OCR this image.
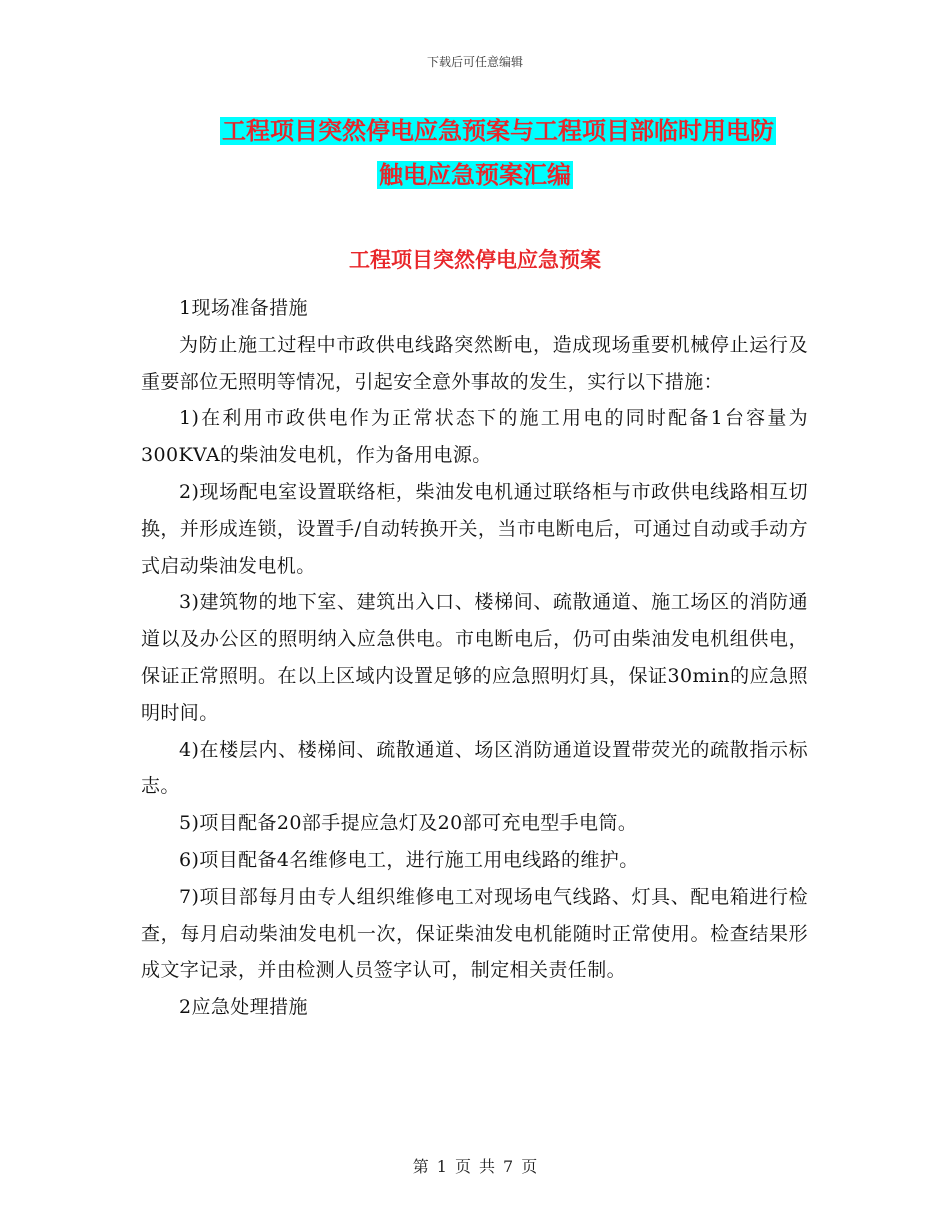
下载后可任意编辑
工程项目突然停电应急预案与工程项目部临时用电防
触电应急预案汇编
工程项目突然停电应急预案

1现场准备措施

为防止施工过程中市政供电线路突然断电，造成现场重要机械停止运行及重要部位无照明等情况，引起安全意外事故的发生，实行以下措施：

1)在利用市政供电作为正常状态下的施工用电的同时配备1台容量为300KVA的柴油发电机，作为备用电源。

2)现场配电室设置联络柜，柴油发电机通过联络柜与市政供电线路相互切换，并形成连锁，设置手/自动转换开关，当市电断电后，可通过自动或手动方式启动柴油发电机。

3)建筑物的地下室、建筑出入口、楼梯间、疏散通道、施工场区的消防通道以及办公区的照明纳入应急供电。市电断电后，仍可由柴油发电机组供电，保证正常照明。在以上区域内设置足够的应急照明灯具，保证30min的应急照明时间。

4)在楼层内、楼梯间、疏散通道、场区消防通道设置带荧光的疏散指示标志。

5)项目配备20部手提应急灯及20部可充电型手电筒。

6)项目配备4名维修电工，进行施工用电线路的维护。

7)项目部每月由专人组织维修电工对现场电气线路、灯具、配电箱进行检查，每月启动柴油发电机一次，保证柴油发电机能随时正常使用。检查结果形成文字记录，并由检测人员签字认可，制定相关责任制。

2应急处理措施

第 1 页 共 7 页
